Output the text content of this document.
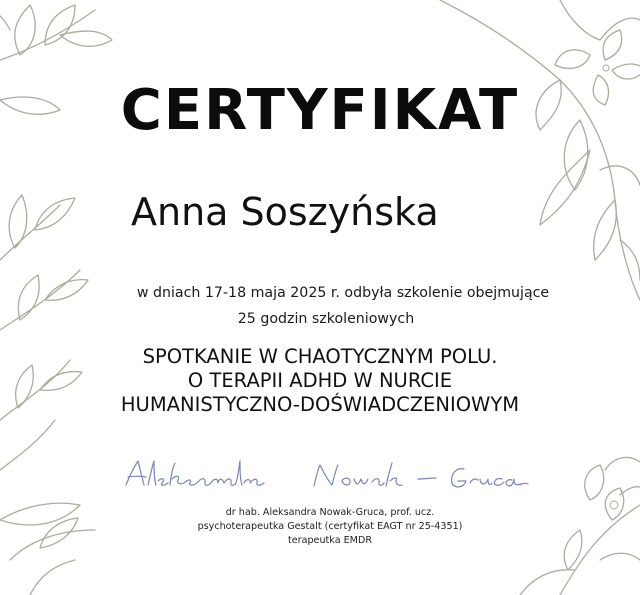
CERTYFIKAT
Anna Soszyńska
w dniach 17-18 maja 2025 r. odbyła szkolenie obejmujące
25 godzin szkoleniowych
SPOTKANIE W CHAOTYCZNYM POLU.
O TERAPII ADHD W NURCIE
HUMANISTYCZNO-DOŚWIADCZENIOWYM
dr hab. Aleksandra Nowak-Gruca, prof. ucz.
psychoterapeutka Gestalt (certyfikat EAGT nr 25-4351)
terapeutka EMDR
